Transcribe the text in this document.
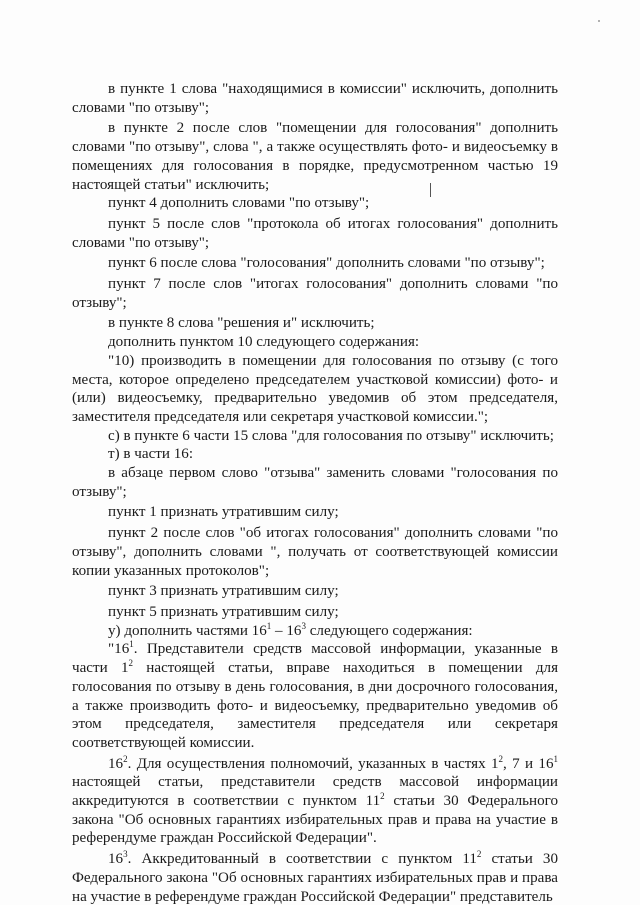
в пункте 1 слова "находящимися в комиссии" исключить, дополнить словами "по отзыву";

в пункте 2 после слов "помещении для голосования" дополнить словами "по отзыву", слова ", а также осуществлять фото- и видеосъемку в помещениях для голосования в порядке, предусмотренном частью 19 настоящей статьи" исключить;

пункт 4 дополнить словами "по отзыву";

пункт 5 после слов "протокола об итогах голосования" дополнить словами "по отзыву";

пункт 6 после слова "голосования" дополнить словами "по отзыву";

пункт 7 после слов "итогах голосования" дополнить словами "по отзыву";

в пункте 8 слова "решения и" исключить;

дополнить пунктом 10 следующего содержания:

"10) производить в помещении для голосования по отзыву (с того места, которое определено председателем участковой комиссии) фото- и (или) видеосъемку, предварительно уведомив об этом председателя, заместителя председателя или секретаря участковой комиссии.";

с) в пункте 6 части 15 слова "для голосования по отзыву" исключить;

т) в части 16:

в абзаце первом слово "отзыва" заменить словами "голосования по отзыву";

пункт 1 признать утратившим силу;

пункт 2 после слов "об итогах голосования" дополнить словами "по отзыву", дополнить словами ", получать от соответствующей комиссии копии указанных протоколов";

пункт 3 признать утратившим силу;

пункт 5 признать утратившим силу;

у) дополнить частями $16^1 - 16^3$ следующего содержания:

"$16^1$. Представители средств массовой информации, указанные в части $1^2$ настоящей статьи, вправе находиться в помещении для голосования по отзыву в день голосования, в дни досрочного голосования, а также производить фото- и видеосъемку, предварительно уведомив об этом председателя, заместителя председателя или секретаря соответствующей комиссии.

$16^2$. Для осуществления полномочий, указанных в частях $1^2$, 7 и $16^1$ настоящей статьи, представители средств массовой информации аккредитуются в соответствии с пунктом $11^2$ статьи 30 Федерального закона "Об основных гарантиях избирательных прав и права на участие в референдуме граждан Российской Федерации".

$16^3$. Аккредитованный в соответствии с пунктом $11^2$ статьи 30 Федерального закона "Об основных гарантиях избирательных прав и права на участие в референдуме граждан Российской Федерации" представитель
